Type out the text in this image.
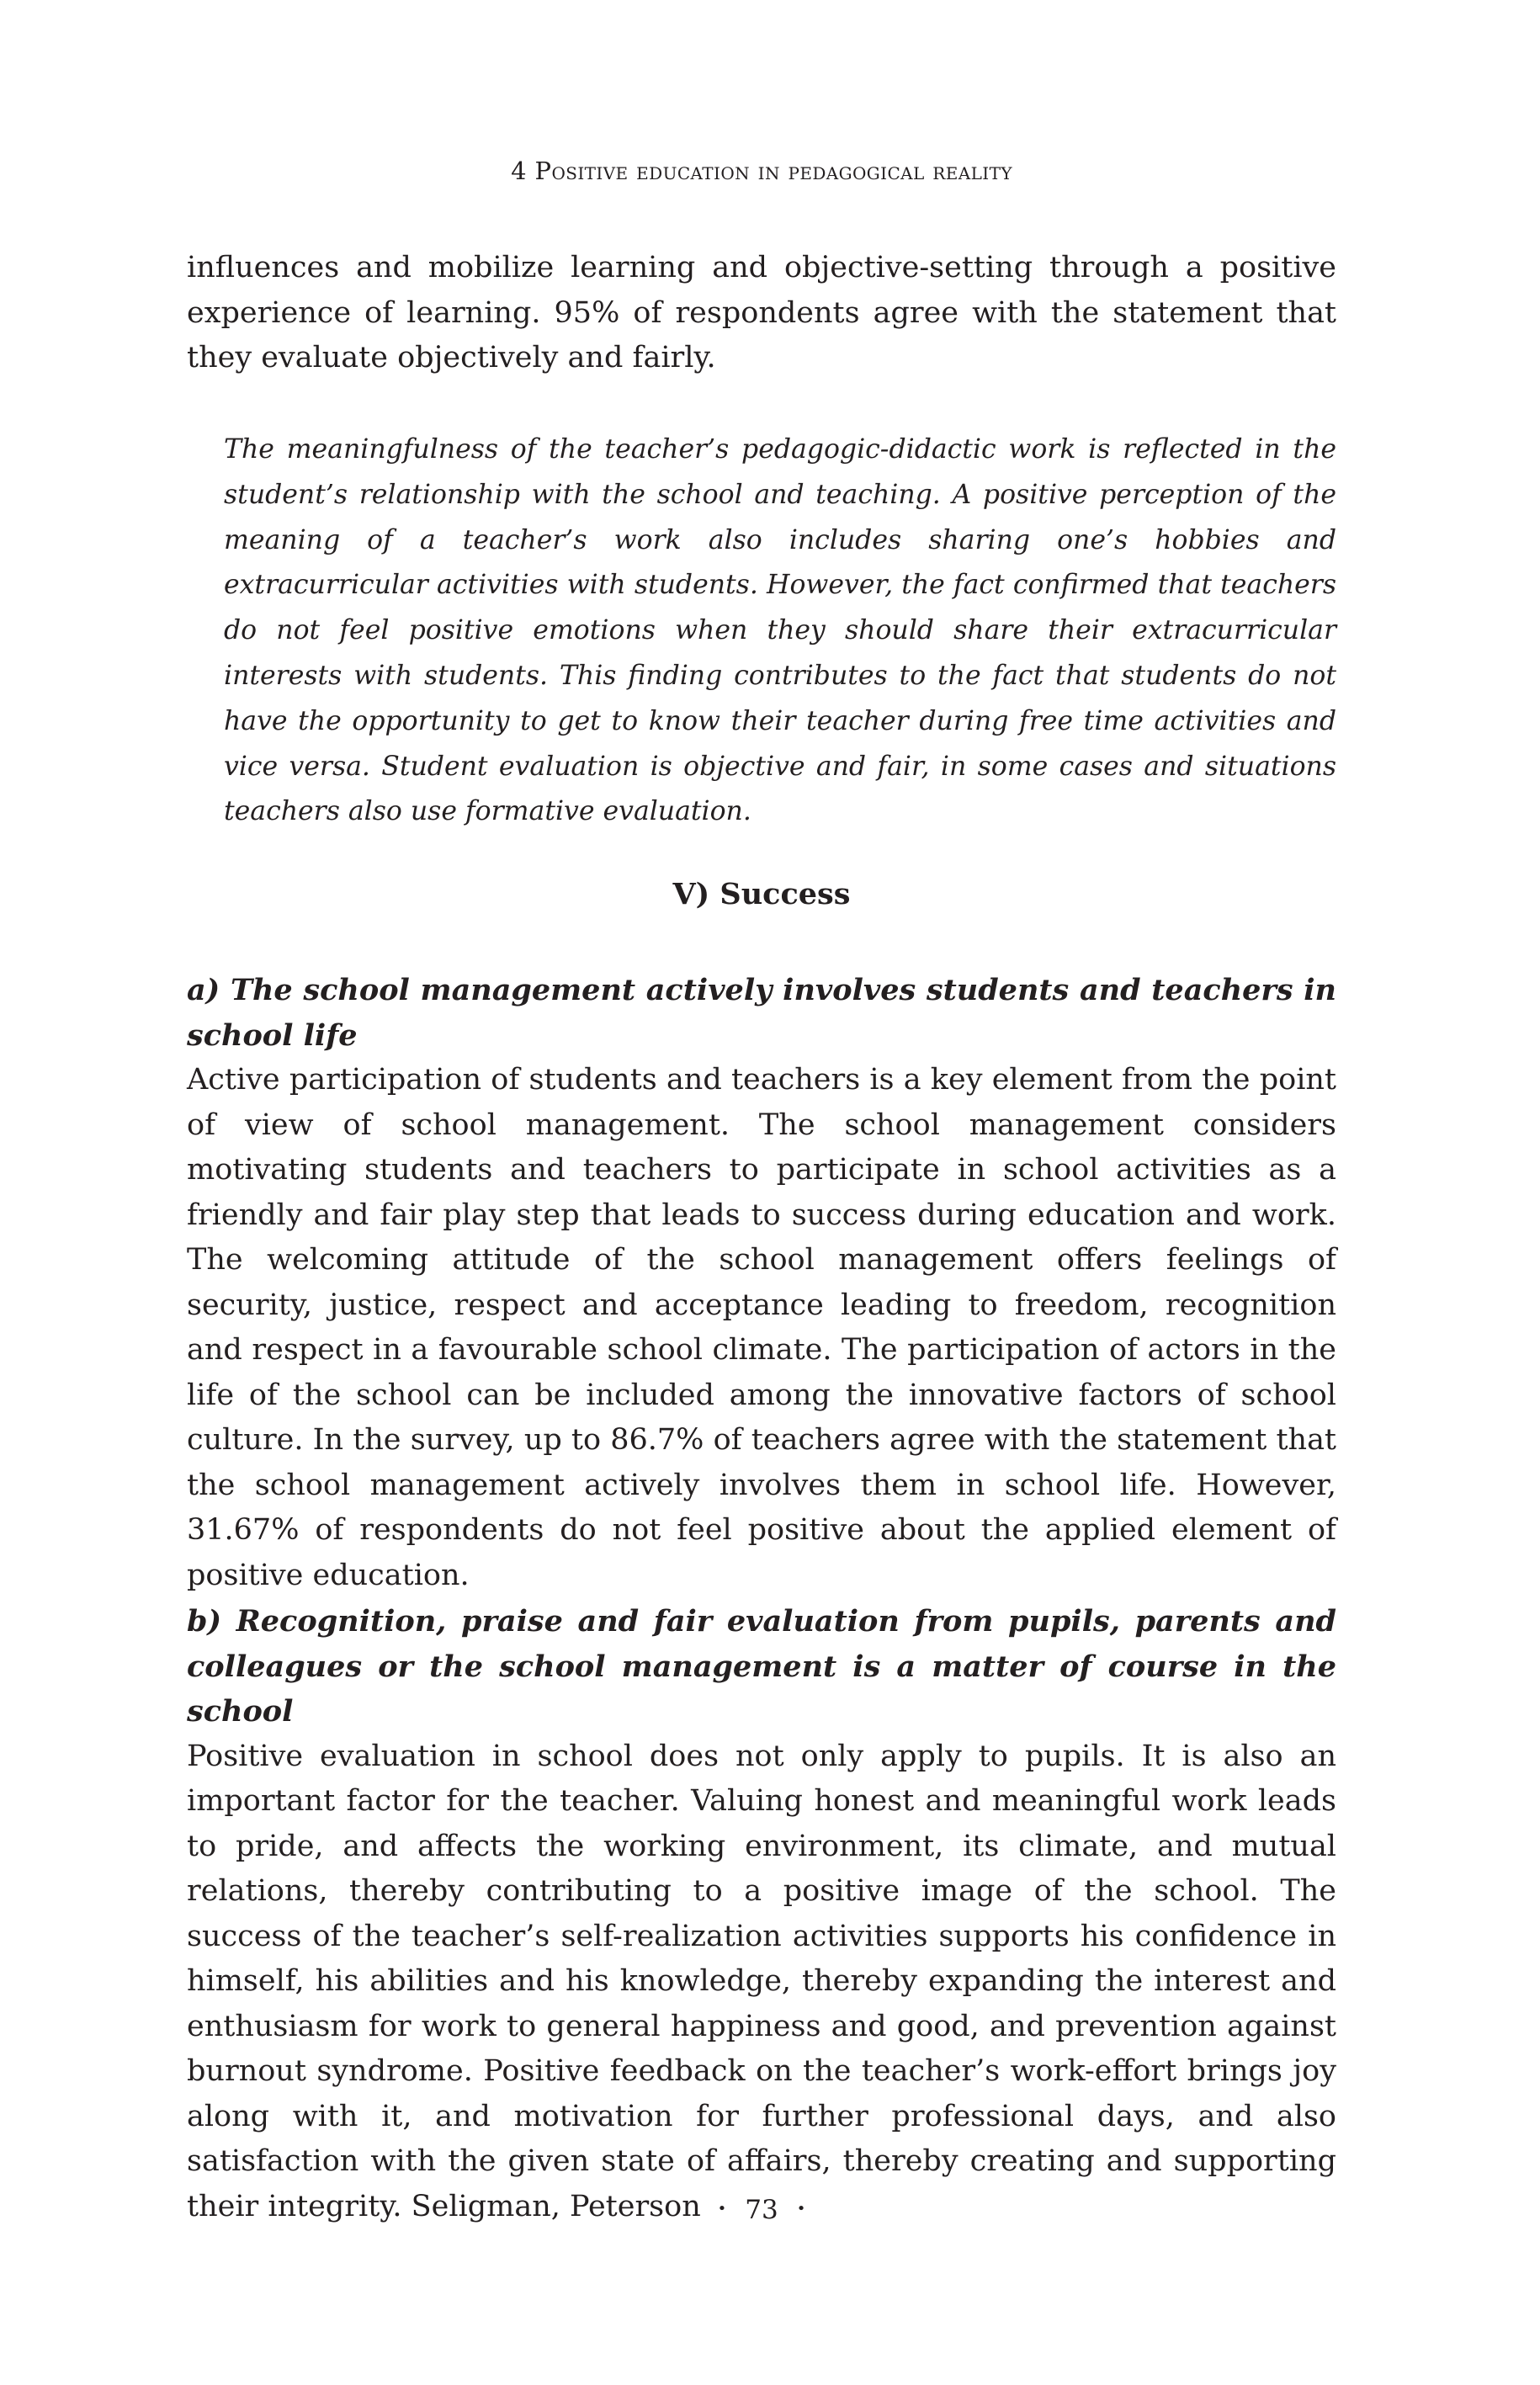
4 Positive education in pedagogical reality

influences and mobilize learning and objective-setting through a positive experience of learning. 95% of respondents agree with the statement that they evaluate objectively and fairly.

The meaningfulness of the teacher’s pedagogic-didactic work is reflected in the student’s relationship with the school and teaching. A positive perception of the meaning of a teacher’s work also includes sharing one’s hobbies and extracurricular activities with students. However, the fact confirmed that teachers do not feel positive emotions when they should share their extracurricular interests with students. This finding contributes to the fact that students do not have the opportunity to get to know their teacher during free time activities and vice versa. Student evaluation is objective and fair, in some cases and situations teachers also use formative evaluation.

V) Success
a) The school management actively involves students and teachers in school life

Active participation of students and teachers is a key element from the point of view of school management. The school management considers motivating students and teachers to participate in school activities as a friendly and fair play step that leads to success during education and work. The welcoming attitude of the school management offers feelings of security, justice, respect and acceptance leading to freedom, recognition and respect in a favourable school climate. The participation of actors in the life of the school can be included among the innovative factors of school culture. In the survey, up to 86.7% of teachers agree with the statement that the school management actively involves them in school life. However, 31.67% of respondents do not feel positive about the applied element of positive education.

b) Recognition, praise and fair evaluation from pupils, parents and colleagues or the school management is a matter of course in the school

Positive evaluation in school does not only apply to pupils. It is also an important factor for the teacher. Valuing honest and meaningful work leads to pride, and affects the working environment, its climate, and mutual relations, thereby contributing to a positive image of the school. The success of the teacher’s self-realization activities supports his confidence in himself, his abilities and his knowledge, thereby expanding the interest and enthusiasm for work to general happiness and good, and prevention against burnout syndrome. Positive feedback on the teacher’s work-effort brings joy along with it, and motivation for further professional days, and also satisfaction with the given state of affairs, thereby creating and supporting their integrity. Seligman, Peterson	• 73 •
